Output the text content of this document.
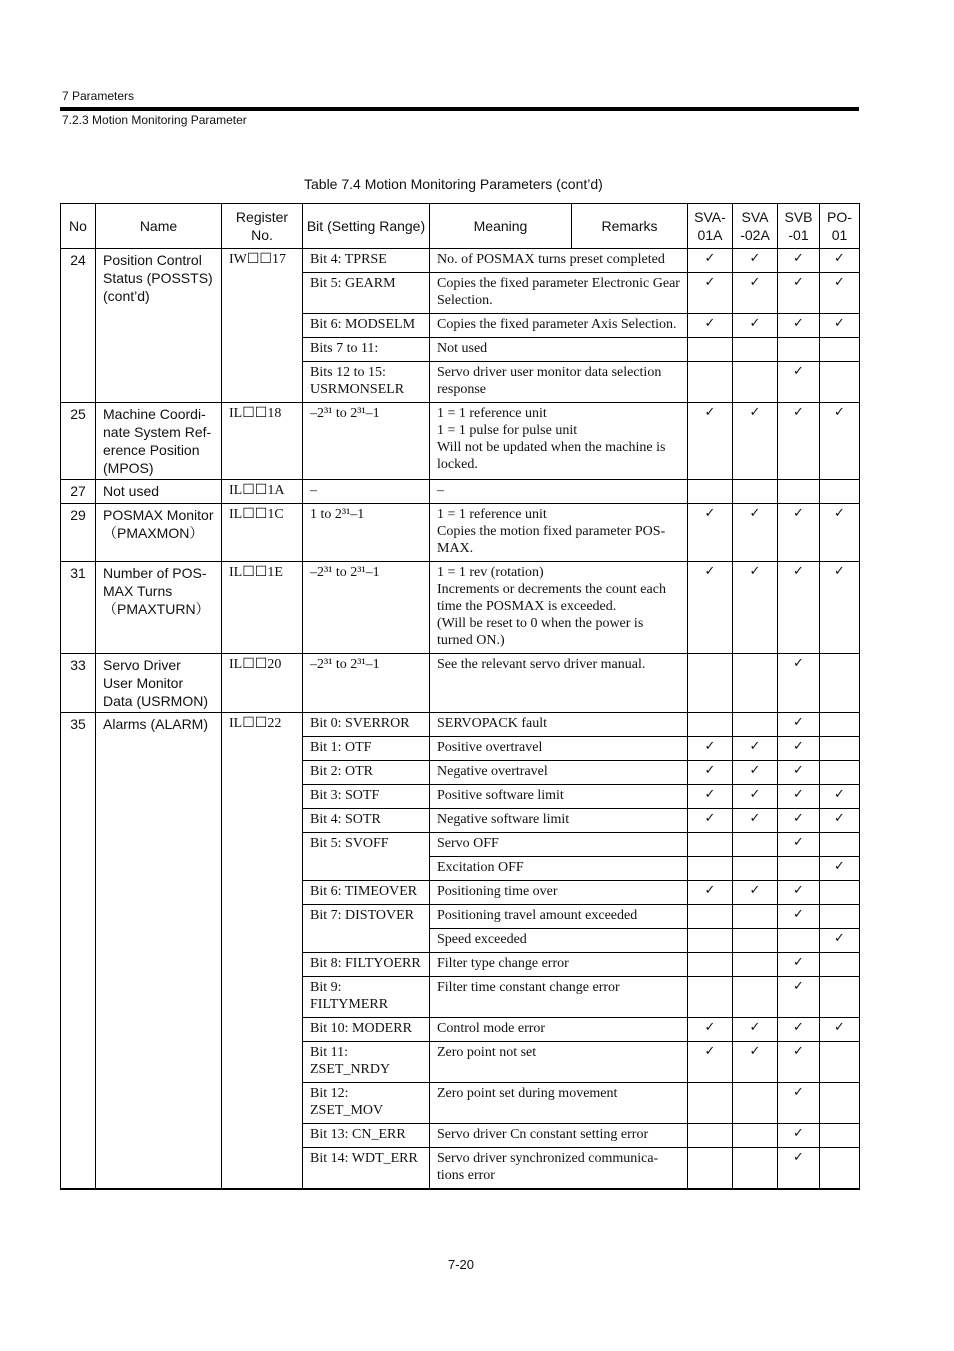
7 Parameters
7.2.3 Motion Monitoring Parameter
Table 7.4 Motion Monitoring Parameters (cont’d)
No	Name	Register No.	Bit (Setting Range)	Meaning	Remarks	SVA-01A	SVA -02A	SVB -01	PO-01
24	Position Control Status (POSSTS) (cont’d)	IW☐☐17	Bit 4: TPRSE	No. of POSMAX turns preset completed		✓	✓	✓	✓
			Bit 5: GEARM	Copies the fixed parameter Electronic Gear Selection.		✓	✓	✓	✓
			Bit 6: MODSELM	Copies the fixed parameter Axis Selection.		✓	✓	✓	✓
			Bits 7 to 11:	Not used					
			Bits 12 to 15: USRMONSELR	Servo driver user monitor data selection response				✓	
25	Machine Coordi-nate System Ref-erence Position (MPOS)	IL☐☐18	–2³¹ to 2³¹–1	1 = 1 reference unit
1 = 1 pulse for pulse unit
Will not be updated when the machine is locked.		✓	✓	✓	✓
27	Not used	IL☐☐1A	–	–					
29	POSMAX Monitor （PMAXMON）	IL☐☐1C	1 to 2³¹–1	1 = 1 reference unit
Copies the motion fixed parameter POS-MAX.		✓	✓	✓	✓
31	Number of POS-MAX Turns （PMAXTURN）	IL☐☐1E	–2³¹ to 2³¹–1	1 = 1 rev (rotation)
Increments or decrements the count each time the POSMAX is exceeded.
(Will be reset to 0 when the power is turned ON.)		✓	✓	✓	✓
33	Servo Driver User Monitor Data (USRMON)	IL☐☐20	–2³¹ to 2³¹–1	See the relevant servo driver manual.				✓	
35	Alarms (ALARM)	IL☐☐22	Bit 0: SVERROR	SERVOPACK fault				✓	
			Bit 1: OTF	Positive overtravel		✓	✓	✓	
			Bit 2: OTR	Negative overtravel		✓	✓	✓	
			Bit 3: SOTF	Positive software limit		✓	✓	✓	✓
			Bit 4: SOTR	Negative software limit		✓	✓	✓	✓
			Bit 5: SVOFF	Servo OFF				✓	
				Excitation OFF					✓
			Bit 6: TIMEOVER	Positioning time over		✓	✓	✓	
			Bit 7: DISTOVER	Positioning travel amount exceeded				✓	
				Speed exceeded					✓
			Bit 8: FILTYOERR	Filter type change error				✓	
			Bit 9: FILTYMERR	Filter time constant change error				✓	
			Bit 10: MODERR	Control mode error		✓	✓	✓	✓
			Bit 11: ZSET_NRDY	Zero point not set		✓	✓	✓	
			Bit 12: ZSET_MOV	Zero point set during movement				✓	
			Bit 13: CN_ERR	Servo driver Cn constant setting error				✓	
			Bit 14: WDT_ERR	Servo driver synchronized communica-tions error				✓	
7-20
